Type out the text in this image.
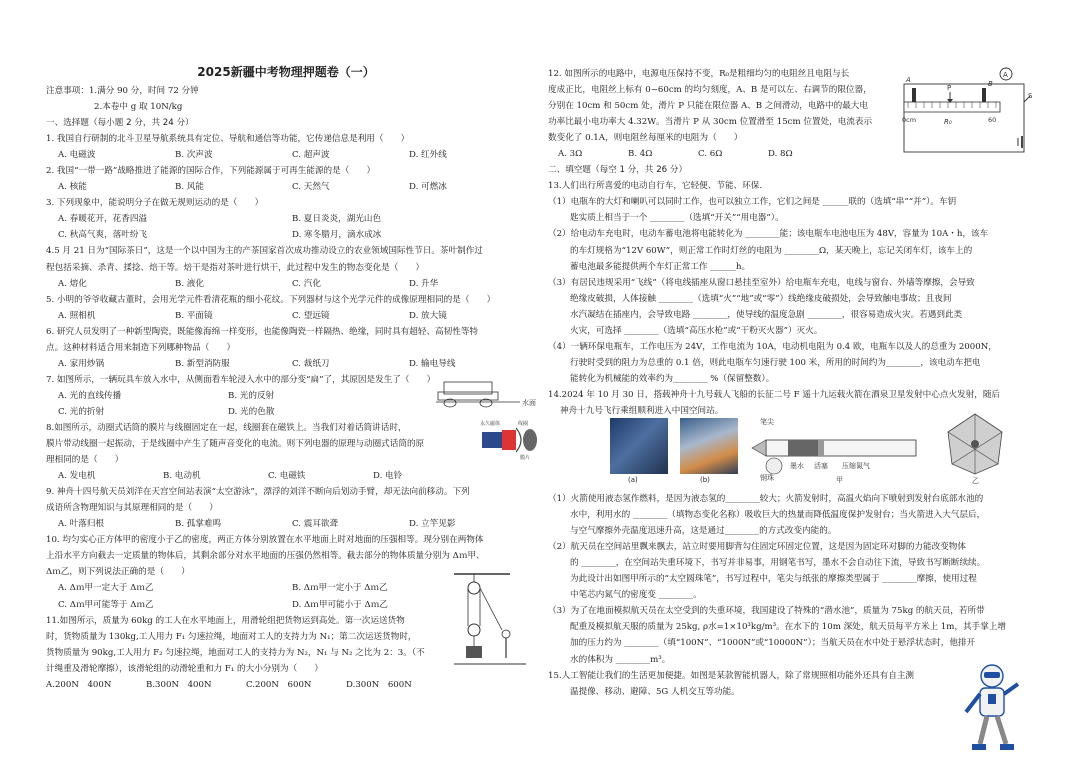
2025新疆中考物理押题卷（一）

注意事项：1.满分 90 分，时间 72 分钟

2.本卷中 g 取 10N/kg

一、选择题（每小题 2 分，共 24 分）

1. 我国自行研制的北斗卫星导航系统具有定位、导航和通信等功能，它传递信息是利用（　　）

A. 电磁波	B. 次声波	C. 超声波	D. 红外线

2. 我国“一带一路”战略推进了能源的国际合作，下列能源属于可再生能源的是（　　）

A. 核能	B. 风能	C. 天然气	D. 可燃冰

3. 下列现象中，能说明分子在做无规则运动的是（　　）

A. 春暖花开，花香四溢	B. 夏日炎炎，湖光山色

C. 秋高气爽，落叶纷飞	D. 寒冬腊月，滴水成冰

4.5 月 21 日为“国际茶日”，这是一个以中国为主的产茶国家首次成功推动设立的农业领域国际性节日。茶叶制作过

程包括采摘、杀青、揉捻、焙干等。焙干是指对茶叶进行烘干，此过程中发生的物态变化是（　　）

A. 熔化	B. 液化	C. 汽化	D. 升华

5. 小明的爷爷收藏古董时，会用光学元件看清花瓶的细小花纹。下列器材与这个光学元件的成像原理相同的是（　　）

A. 照相机	B. 平面镜	C. 望远镜	D. 放大镜

6. 研究人员发明了一种新型陶瓷，既能像海绵一样变形，也能像陶瓷一样隔热、绝缘，同时具有超轻、高韧性等特

点。这种材料适合用来制造下列哪种物品（　　）

A. 家用炒锅	B. 新型消防服	C. 裁纸刀	D. 输电导线

7. 如图所示，一辆玩具车放入水中，从侧面看车轮浸入水中的部分变“扁”了，其原因是发生了（　　）

A. 光的直线传播	B. 光的反射

C. 光的折射	D. 光的色散

8.如图所示，动圈式话筒的膜片与线圈固定在一起，线圈套在磁铁上。当我们对着话筒讲话时，

膜片带动线圈一起振动，于是线圈中产生了随声音变化的电流。则下列电器的原理与动圈式话筒的原

理相同的是（　　）

A. 发电机	B. 电动机	C. 电磁铁	D. 电铃

9. 神舟十四号航天员刘洋在天宫空间站表演“太空游泳”，漂浮的刘洋不断向后划动手臂，却无法向前移动。下列

成语所含物理知识与其原理相同的是（　　）

A. 叶落归根	B. 孤掌难鸣	C. 震耳欲聋	D. 立竿见影

10. 均匀实心正方体甲的密度小于乙的密度，两正方体分别放置在水平地面上时对地面的压强相等。现分别在两物体

上沿水平方向截去一定质量的物体后，其剩余部分对水平地面的压强仍然相等。截去部分的物体质量分别为 Δｍ甲、

Δｍ乙，则下列说法正确的是（　　）

A. Δｍ甲一定大于 Δｍ乙	B. Δｍ甲一定小于 Δｍ乙

C. Δｍ甲可能等于 Δｍ乙	D. Δｍ甲可能小于 Δｍ乙

11.如图所示，质量为 60kg 的工人在水平地面上，用滑轮组把货物运到高处。第一次运送货物

时，货物质量为 130kg,工人用力 F₁ 匀速拉绳，地面对工人的支持力为 N₁；第二次运送货物时，

货物质量为 90kg,工人用力 F₂ 匀速拉绳，地面对工人的支持力为 N₂，N₁ 与 N₂ 之比为 2：3。（不

计绳重及滑轮摩擦），该滑轮组的动滑轮重和力 F₁ 的大小分别为（　　）

A.200N　400N	B.300N　400N	C.200N　600N	D.300N　600N

水面
永久磁体	线圈
膜片

12. 如图所示的电路中，电源电压保持不变，R₀是粗细均匀的电阻丝且电阻与长

度成正比，电阻丝上标有 0~60cm 的均匀刻度，A、B 是可以左、右调节的限位器，

分别在 10cm 和 50cm 处，滑片 P 只能在限位器 A、B 之间滑动，电路中的最大电

功率比最小电功率大 4.32W。当滑片 P 从 30cm 位置滑至 15cm 位置处，电流表示

数变化了 0.1A，则电阻丝每厘米的电阻为（　　）

A. 3Ω	B. 4Ω	C. 6Ω	D. 8Ω

二、填空题（每空 1 分，共 26 分）

13.人们出行所喜爱的电动自行车，它轻便、节能、环保.

（1）电瓶车的大灯和喇叭可以同时工作，也可以独立工作，它们之间是 ______联的（选填“串”“并”）。车钥

匙实质上相当于一个 ________（选填“开关”“用电器”）。

（2）给电动车充电时，电动车蓄电池将电能转化为 ________能；该电瓶车电池电压为 48V，容量为 10A・h，该车

的车灯规格为“12V 60W”，则正常工作时灯丝的电阻为 ________Ω，某天晚上，忘记关闭车灯，该车上的

蓄电池最多能提供两个车灯正常工作 ______h。

（3）有居民违规采用“飞线”（将电线插座从窗口悬挂至室外）给电瓶车充电，电线与窗台、外墙等摩擦，会导致

绝缘皮破损，人体接触 ________（选填“火”“地”或“零”）线绝缘皮破损处，会导致触电事故；且夜间

水汽凝结在插座内，会导致电路 ________，使导线的温度急剧 ________，很容易造成火灾。若遇到此类

火灾，可选择 ________（选填“高压水枪”或“干粉灭火器”）灭火。

（4）一辆环保电瓶车，工作电压为 24V，工作电流为 10A，电动机电阻为 0.4 欧，电瓶车以及人的总重为 2000N，

行驶时受到的阻力为总重的 0.1 倍，则此电瓶车匀速行驶 100 米，所用的时间约为________，该电动车把电

能转化为机械能的效率约为________ %（保留整数）。

14.2024 年 10 月 30 日，搭载神舟十九号载人飞船的长征二号 F 遥十九运载火箭在酒泉卫星发射中心点火发射，随后

神舟十九号飞行乘组顺利进入中国空间站。

（1）火箭使用液态氢作燃料，是因为液态氢的________较大；火箭发射时，高温火焰向下喷射到发射台底部水池的

水中，利用水的 ________（填物态变化名称）吸收巨大的热量而降低温度保护发射台；当火箭进入大气层后，

与空气摩擦外壳温度迅速升高，这是通过________的方式改变内能的。

（2）航天员在空间站里飘来飘去，站立时要用脚背勾住固定环固定位置，这是因为固定环对脚的力能改变物体

的 ________，在空间站失重环境下，书写并非易事，用钢笔书写，墨水不会自动往下流，导致书写断断续续。

为此设计出如图甲所示的“太空圆珠笔”，书写过程中，笔尖与纸张的摩擦类型属于 ________摩擦，使用过程

中笔芯内氮气的密度变 ________。

（3）为了在地面模拟航天员在太空受到的失重环境，我国建设了特殊的“潜水池”，质量为 75kg 的航天员，若所带

配重及模拟航天服的质量为 25kg, ρ水=1×10³kg/m³。在水下的 10m 深处，航天员每平方米上 1m，其手掌上增

加的压力约为 ________（填“100N”、“1000N”或“10000N”）；当航天员在水中处于悬浮状态时，他排开

水的体积为 ________m³。

15.人工智能让我们的生活更加便捷。如图是某款智能机器人，除了常规照相功能外还具有自主测

温提像、移动、避障、5G 人机交互等功能。

A
A	B
P
S
0cm	60
R₀
(a)	(b)
笔尖
钢珠
墨水 活塞 压缩氮气
甲	乙
